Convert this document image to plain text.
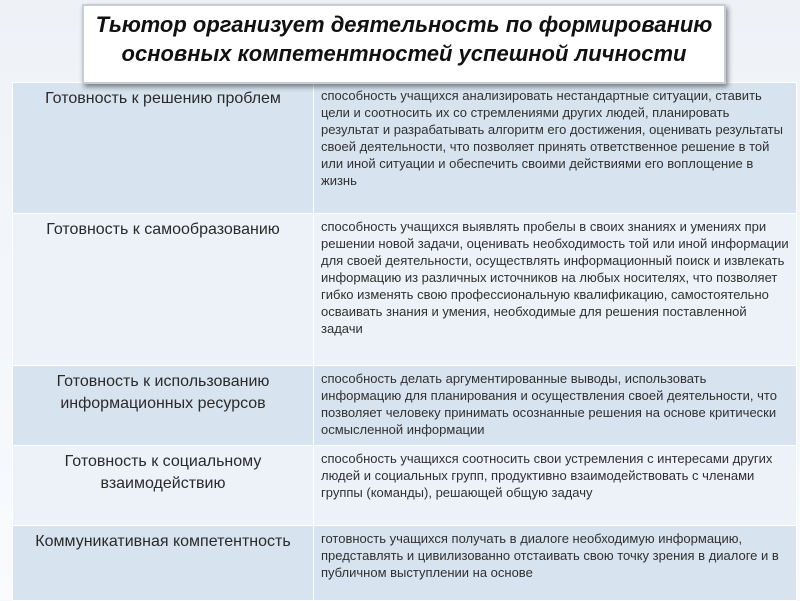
Тьютор организует деятельность по формированию основных компетентностей успешной личности
Готовность к решению проблем	способность учащихся анализировать нестандартные ситуации, ставить цели и соотносить их со стремлениями других людей, планировать результат и разрабатывать алгоритм его достижения, оценивать результаты своей деятельности, что позволяет принять ответственное решение в той или иной ситуации и обеспечить своими действиями его воплощение в жизнь

Готовность к самообразованию	способность учащихся выявлять пробелы в своих знаниях и умениях при решении новой задачи, оценивать необходимость той или иной информации для своей деятельности, осуществлять информационный поиск и извлекать информацию из различных источников на любых носителях, что позволяет гибко изменять свою профессиональную квалификацию, самостоятельно осваивать знания и умения, необходимые для решения поставленной задачи

Готовность к использованию информационных ресурсов	способность делать аргументированные выводы, использовать информацию для планирования и осуществления своей деятельности, что позволяет человеку принимать осознанные решения на основе критически осмысленной информации

Готовность к социальному взаимодействию	способность учащихся соотносить свои устремления с интересами других людей и социальных групп, продуктивно взаимодействовать с членами группы (команды), решающей общую задачу

Коммуникативная компетентность	готовность учащихся получать в диалоге необходимую информацию, представлять и цивилизованно отстаивать свою точку зрения в диалоге и в публичном выступлении на основе
